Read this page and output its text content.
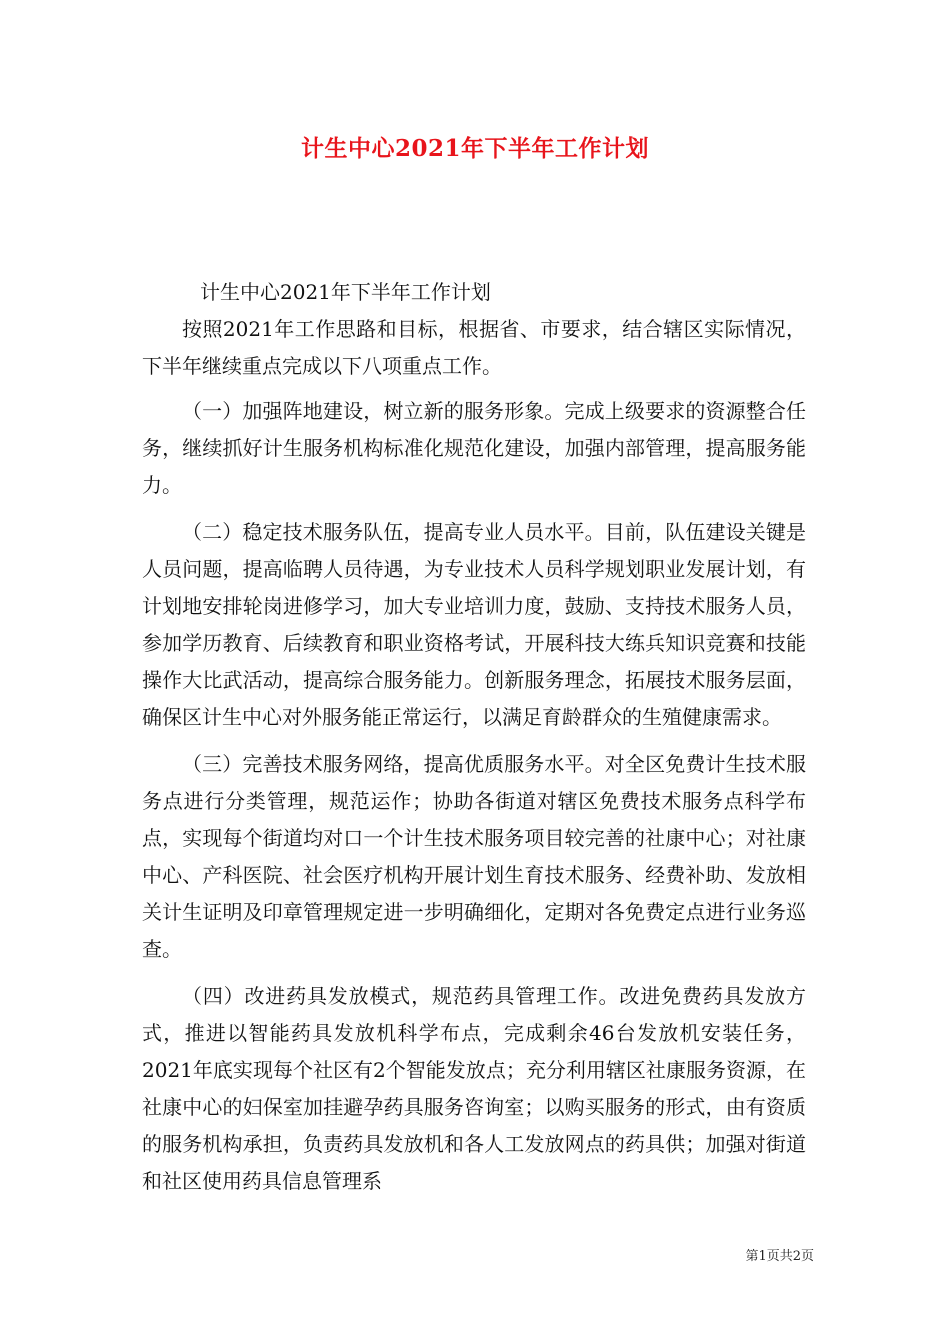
计生中心2021年下半年工作计划

计生中心2021年下半年工作计划

按照2021年工作思路和目标，根据省、市要求，结合辖区实际情况，下半年继续重点完成以下八项重点工作。

（一）加强阵地建设，树立新的服务形象。完成上级要求的资源整合任务，继续抓好计生服务机构标准化规范化建设，加强内部管理，提高服务能力。

（二）稳定技术服务队伍，提高专业人员水平。目前，队伍建设关键是人员问题，提高临聘人员待遇，为专业技术人员科学规划职业发展计划，有计划地安排轮岗进修学习，加大专业培训力度，鼓励、支持技术服务人员，参加学历教育、后续教育和职业资格考试，开展科技大练兵知识竞赛和技能操作大比武活动，提高综合服务能力。创新服务理念，拓展技术服务层面，确保区计生中心对外服务能正常运行，以满足育龄群众的生殖健康需求。

（三）完善技术服务网络，提高优质服务水平。对全区免费计生技术服务点进行分类管理，规范运作；协助各街道对辖区免费技术服务点科学布点，实现每个街道均对口一个计生技术服务项目较完善的社康中心；对社康中心、产科医院、社会医疗机构开展计划生育技术服务、经费补助、发放相关计生证明及印章管理规定进一步明确细化，定期对各免费定点进行业务巡查。

（四）改进药具发放模式，规范药具管理工作。改进免费药具发放方式，推进以智能药具发放机科学布点，完成剩余46台发放机安装任务，2021年底实现每个社区有2个智能发放点；充分利用辖区社康服务资源，在社康中心的妇保室加挂避孕药具服务咨询室；以购买服务的形式，由有资质的服务机构承担，负责药具发放机和各人工发放网点的药具供；加强对街道和社区使用药具信息管理系

第1页共2页
